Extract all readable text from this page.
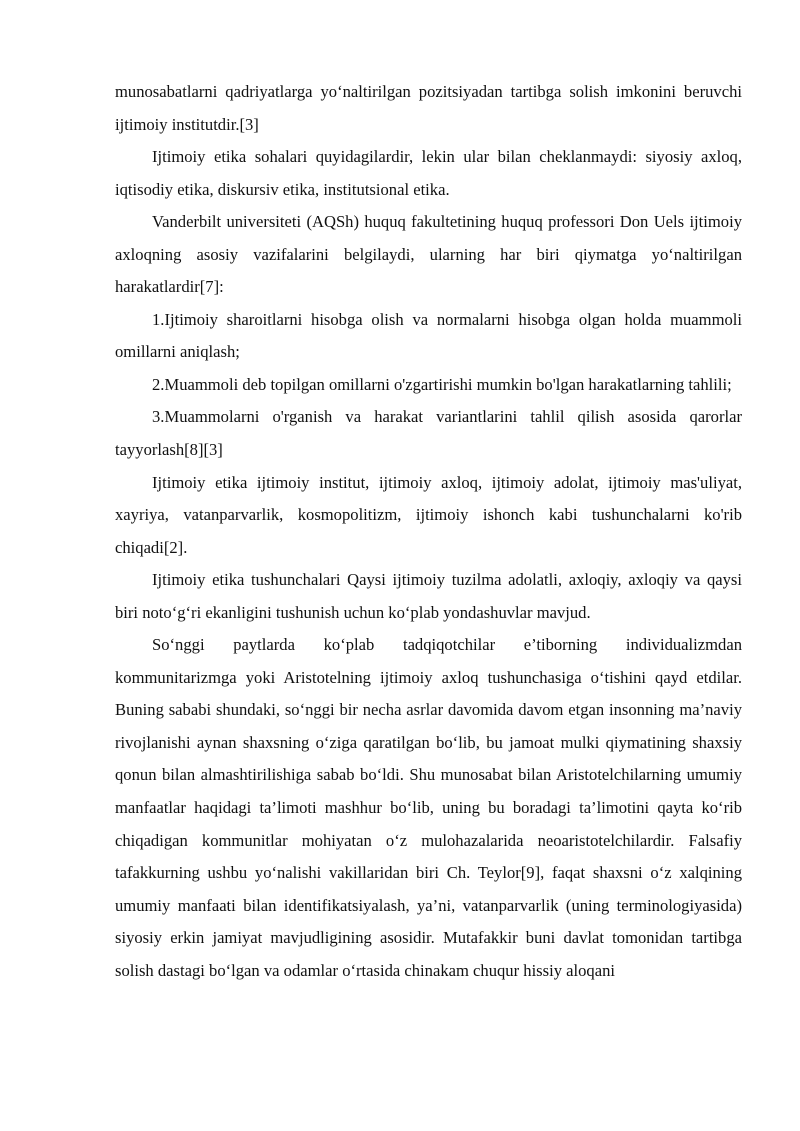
munosabatlarni qadriyatlarga yo‘naltirilgan pozitsiyadan tartibga solish imkonini beruvchi ijtimoiy institutdir.[3]

Ijtimoiy etika sohalari quyidagilardir, lekin ular bilan cheklanmaydi: siyosiy axloq, iqtisodiy etika, diskursiv etika, institutsional etika.

Vanderbilt universiteti (AQSh) huquq fakultetining huquq professori Don Uels ijtimoiy axloqning asosiy vazifalarini belgilaydi, ularning har biri qiymatga yo‘naltirilgan harakatlardir[7]:

1.Ijtimoiy sharoitlarni hisobga olish va normalarni hisobga olgan holda muammoli omillarni aniqlash;

2.Muammoli deb topilgan omillarni o'zgartirishi mumkin bo'lgan harakatlarning tahlili;

3.Muammolarni o'rganish va harakat variantlarini tahlil qilish asosida qarorlar tayyorlash[8][3]

Ijtimoiy etika ijtimoiy institut, ijtimoiy axloq, ijtimoiy adolat, ijtimoiy mas'uliyat, xayriya, vatanparvarlik, kosmopolitizm, ijtimoiy ishonch kabi tushunchalarni ko'rib chiqadi[2].

Ijtimoiy etika tushunchalari Qaysi ijtimoiy tuzilma adolatli, axloqiy, axloqiy va qaysi biri noto‘g‘ri ekanligini tushunish uchun ko‘plab yondashuvlar mavjud.

So‘nggi paytlarda ko‘plab tadqiqotchilar e’tiborning individualizmdan kommunitarizmga yoki Aristotelning ijtimoiy axloq tushunchasiga o‘tishini qayd etdilar. Buning sababi shundaki, so‘nggi bir necha asrlar davomida davom etgan insonning ma’naviy rivojlanishi aynan shaxsning o‘ziga qaratilgan bo‘lib, bu jamoat mulki qiymatining shaxsiy qonun bilan almashtirilishiga sabab bo‘ldi. Shu munosabat bilan Aristotelchilarning umumiy manfaatlar haqidagi ta’limoti mashhur bo‘lib, uning bu boradagi ta’limotini qayta ko‘rib chiqadigan kommunitlar mohiyatan o‘z mulohazalarida neoaristotelchilardir. Falsafiy tafakkurning ushbu yo‘nalishi vakillaridan biri Ch. Teylor[9], faqat shaxsni o‘z xalqining umumiy manfaati bilan identifikatsiyalash, ya’ni, vatanparvarlik (uning terminologiyasida) siyosiy erkin jamiyat mavjudligining asosidir. Mutafakkir buni davlat tomonidan tartibga solish dastagi bo‘lgan va odamlar o‘rtasida chinakam chuqur hissiy aloqani
